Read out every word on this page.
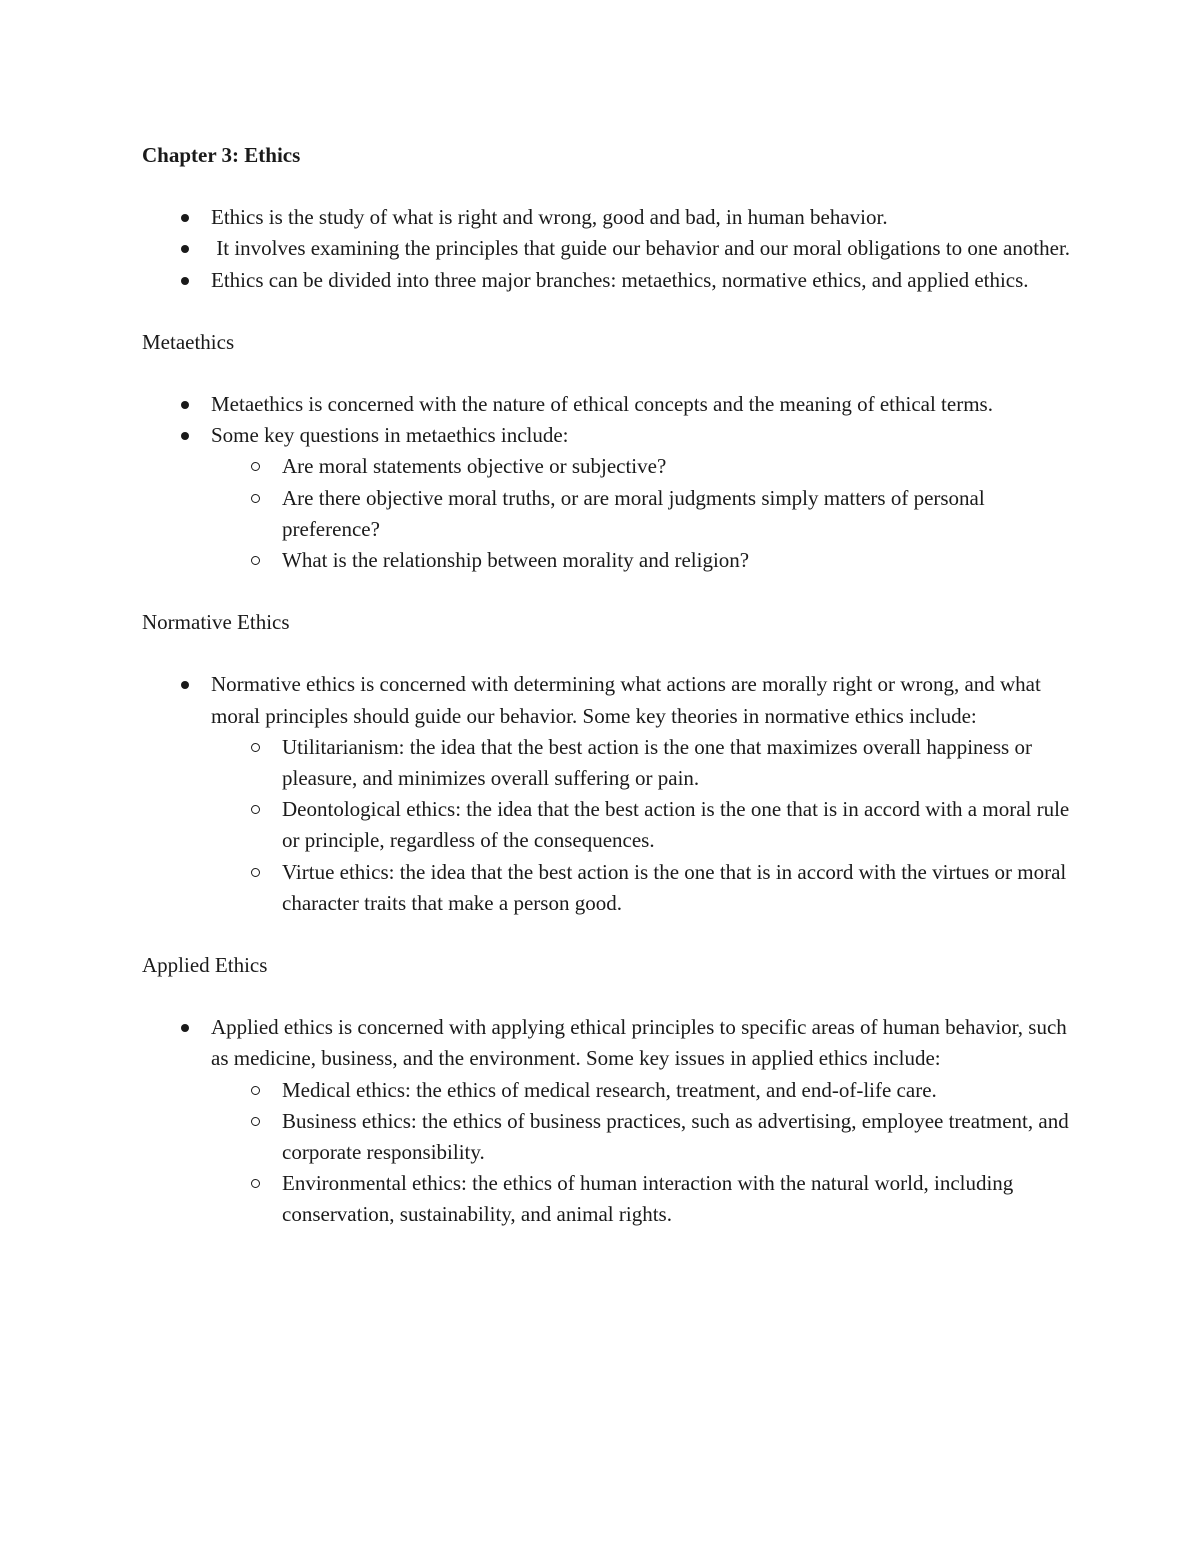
Chapter 3: Ethics

Ethics is the study of what is right and wrong, good and bad, in human behavior.
It involves examining the principles that guide our behavior and our moral obligations to one another.
Ethics can be divided into three major branches: metaethics, normative ethics, and applied ethics.

Metaethics

Metaethics is concerned with the nature of ethical concepts and the meaning of ethical terms.
Some key questions in metaethics include:
Are moral statements objective or subjective?
Are there objective moral truths, or are moral judgments simply matters of personal preference?
What is the relationship between morality and religion?

Normative Ethics

Normative ethics is concerned with determining what actions are morally right or wrong, and what moral principles should guide our behavior. Some key theories in normative ethics include:
Utilitarianism: the idea that the best action is the one that maximizes overall happiness or pleasure, and minimizes overall suffering or pain.
Deontological ethics: the idea that the best action is the one that is in accord with a moral rule or principle, regardless of the consequences.
Virtue ethics: the idea that the best action is the one that is in accord with the virtues or moral character traits that make a person good.

Applied Ethics

Applied ethics is concerned with applying ethical principles to specific areas of human behavior, such as medicine, business, and the environment. Some key issues in applied ethics include:
Medical ethics: the ethics of medical research, treatment, and end-of-life care.
Business ethics: the ethics of business practices, such as advertising, employee treatment, and corporate responsibility.
Environmental ethics: the ethics of human interaction with the natural world, including conservation, sustainability, and animal rights.
